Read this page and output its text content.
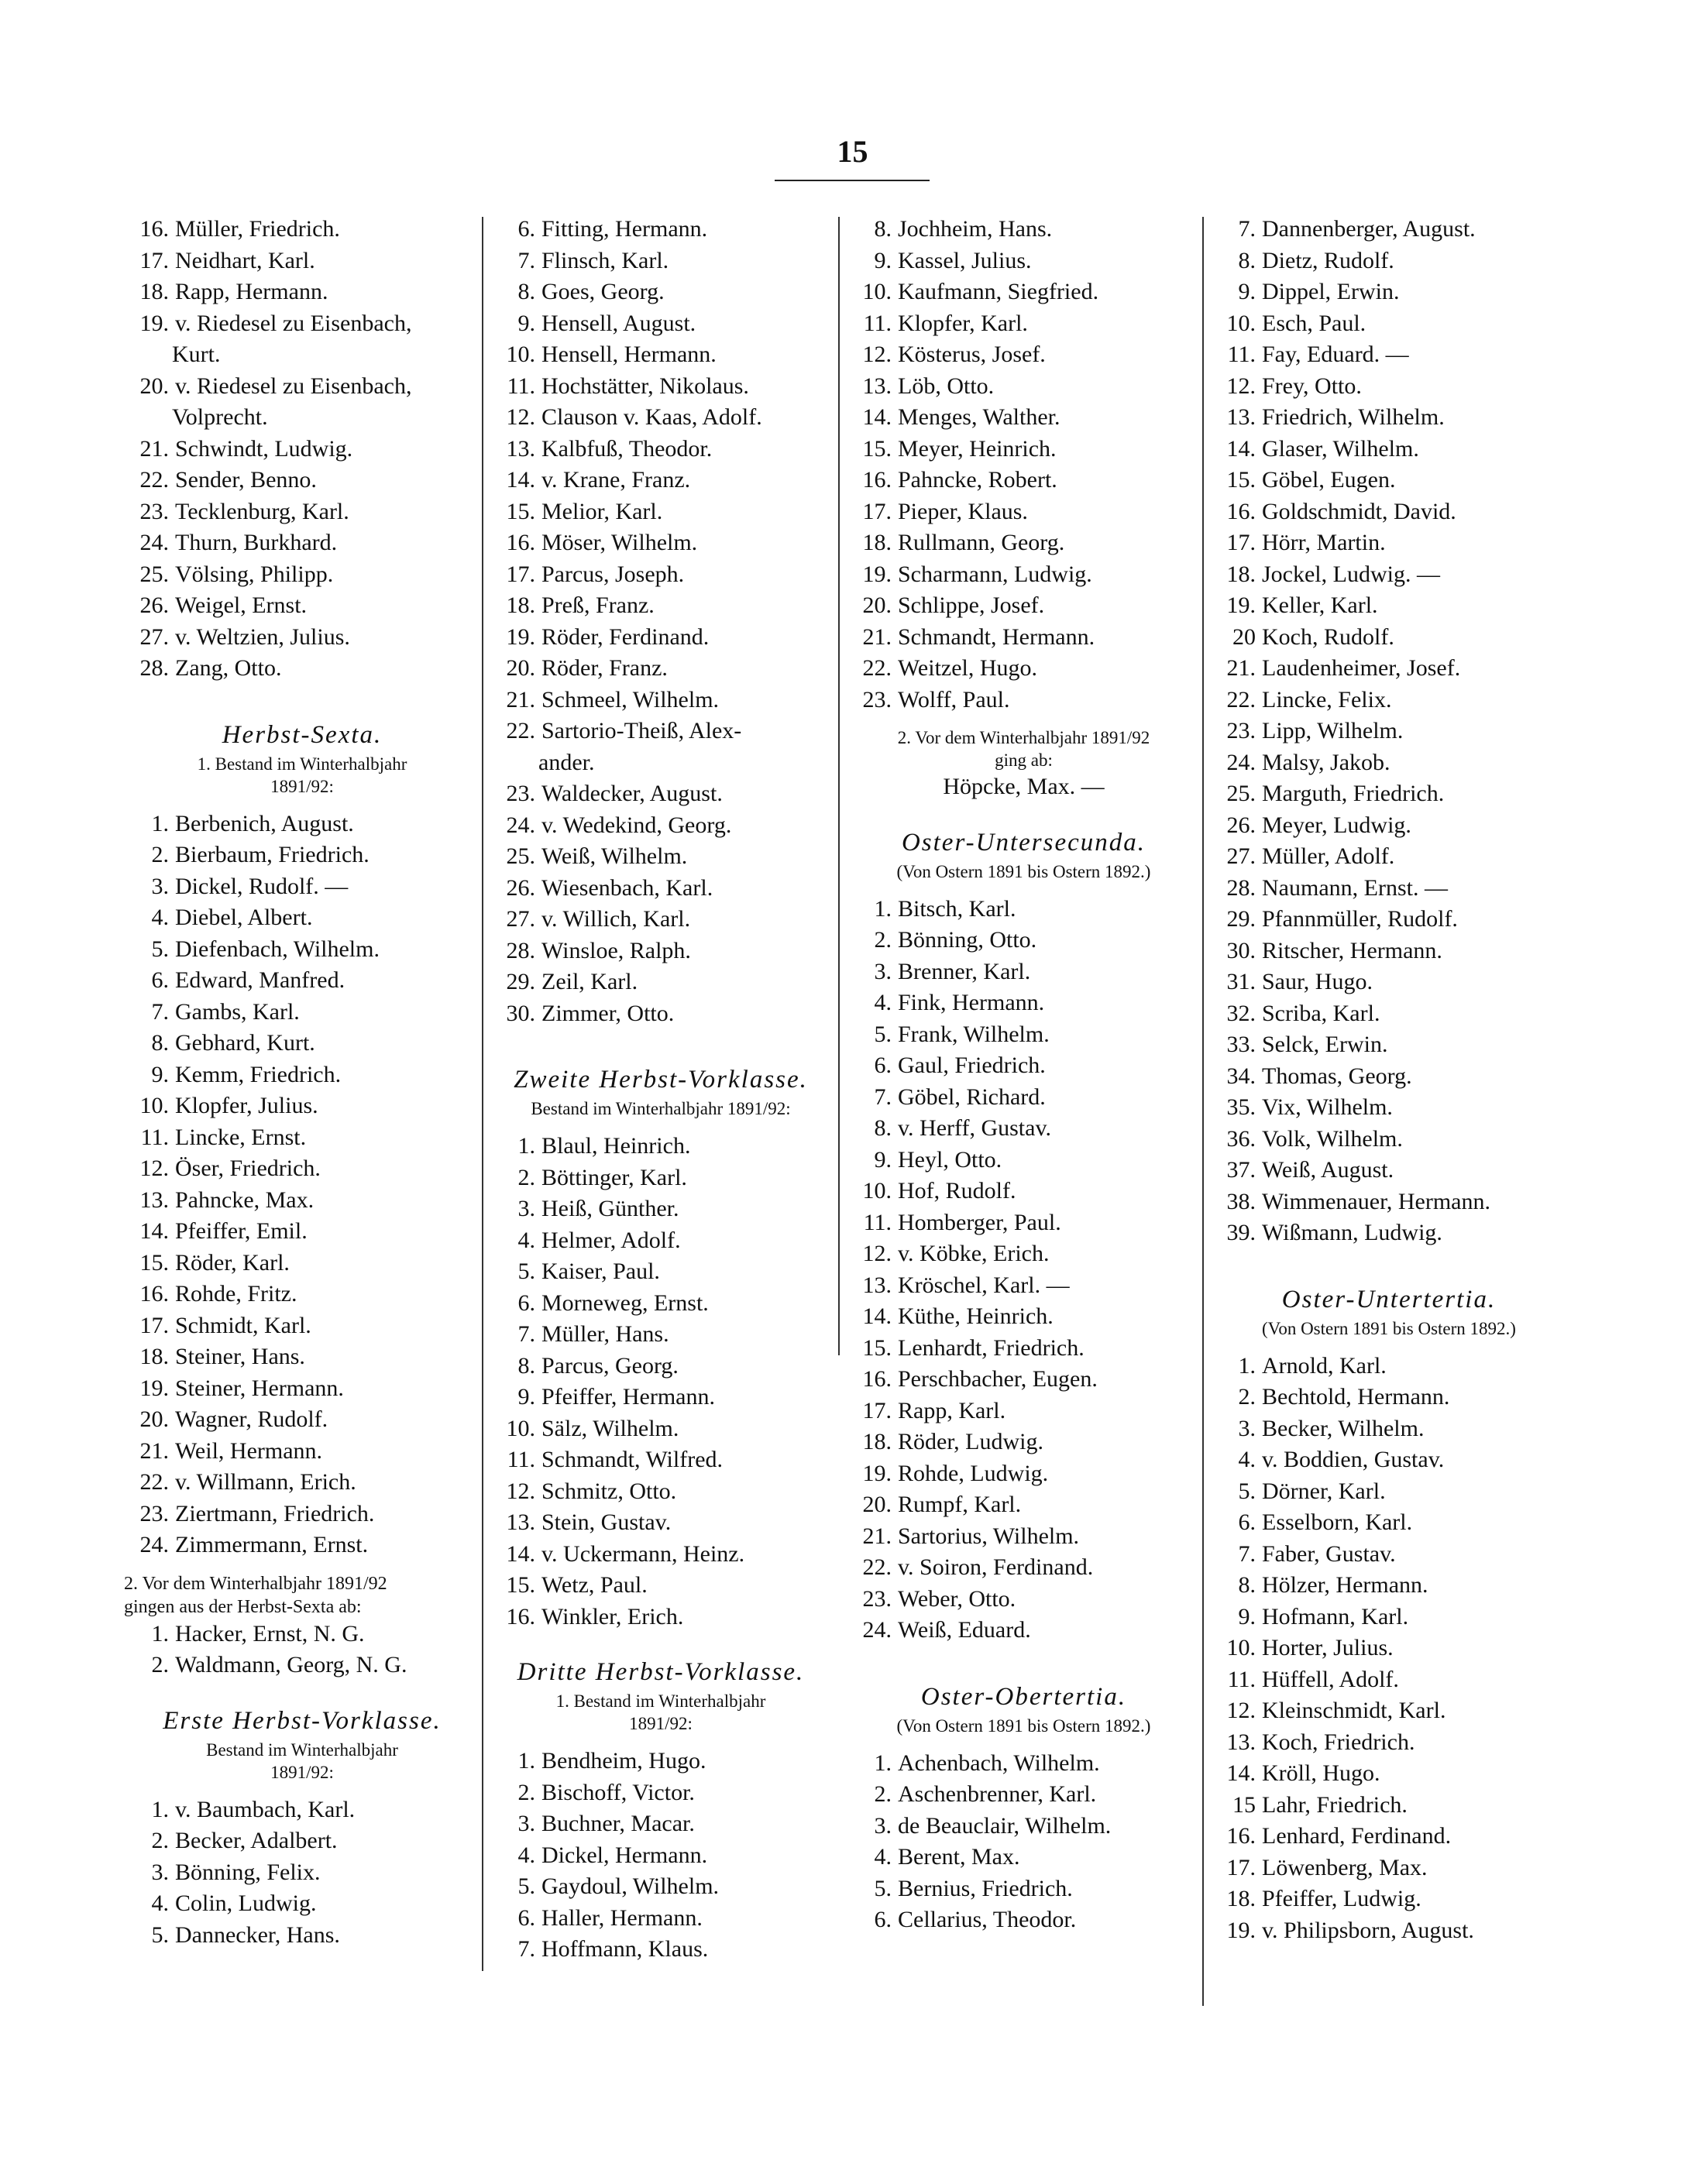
15
16. Müller, Friedrich.
17. Neidhart, Karl.
18. Rapp, Hermann.
19. v. Riedesel zu Eisenbach,
Kurt.
20. v. Riedesel zu Eisenbach,
Volprecht.
21. Schwindt, Ludwig.
22. Sender, Benno.
23. Tecklenburg, Karl.
24. Thurn, Burkhard.
25. Völsing, Philipp.
26. Weigel, Ernst.
27. v. Weltzien, Julius.
28. Zang, Otto.
Herbst-Sexta.
1. Bestand im Winterhalbjahr
1891/92:
1. Berbenich, August.
2. Bierbaum, Friedrich.
3. Dickel, Rudolf. —
4. Diebel, Albert.
5. Diefenbach, Wilhelm.
6. Edward, Manfred.
7. Gambs, Karl.
8. Gebhard, Kurt.
9. Kemm, Friedrich.
10. Klopfer, Julius.
11. Lincke, Ernst.
12. Öser, Friedrich.
13. Pahncke, Max.
14. Pfeiffer, Emil.
15. Röder, Karl.
16. Rohde, Fritz.
17. Schmidt, Karl.
18. Steiner, Hans.
19. Steiner, Hermann.
20. Wagner, Rudolf.
21. Weil, Hermann.
22. v. Willmann, Erich.
23. Ziertmann, Friedrich.
24. Zimmermann, Ernst.
2. Vor dem Winterhalbjahr 1891/92
gingen aus der Herbst-Sexta ab:
1. Hacker, Ernst, N. G.
2. Waldmann, Georg, N. G.
Erste Herbst-Vorklasse.
Bestand im Winterhalbjahr
1891/92:
1. v. Baumbach, Karl.
2. Becker, Adalbert.
3. Bönning, Felix.
4. Colin, Ludwig.
5. Dannecker, Hans.
6. Fitting, Hermann.
7. Flinsch, Karl.
8. Goes, Georg.
9. Hensell, August.
10. Hensell, Hermann.
11. Hochstätter, Nikolaus.
12. Clauson v. Kaas, Adolf.
13. Kalbfuß, Theodor.
14. v. Krane, Franz.
15. Melior, Karl.
16. Möser, Wilhelm.
17. Parcus, Joseph.
18. Preß, Franz.
19. Röder, Ferdinand.
20. Röder, Franz.
21. Schmeel, Wilhelm.
22. Sartorio-Theiß, Alex-
ander.
23. Waldecker, August.
24. v. Wedekind, Georg.
25. Weiß, Wilhelm.
26. Wiesenbach, Karl.
27. v. Willich, Karl.
28. Winsloe, Ralph.
29. Zeil, Karl.
30. Zimmer, Otto.
Zweite Herbst-Vorklasse.
Bestand im Winterhalbjahr 1891/92:
1. Blaul, Heinrich.
2. Böttinger, Karl.
3. Heiß, Günther.
4. Helmer, Adolf.
5. Kaiser, Paul.
6. Morneweg, Ernst.
7. Müller, Hans.
8. Parcus, Georg.
9. Pfeiffer, Hermann.
10. Sälz, Wilhelm.
11. Schmandt, Wilfred.
12. Schmitz, Otto.
13. Stein, Gustav.
14. v. Uckermann, Heinz.
15. Wetz, Paul.
16. Winkler, Erich.
Dritte Herbst-Vorklasse.
1. Bestand im Winterhalbjahr
1891/92:
1. Bendheim, Hugo.
2. Bischoff, Victor.
3. Buchner, Macar.
4. Dickel, Hermann.
5. Gaydoul, Wilhelm.
6. Haller, Hermann.
7. Hoffmann, Klaus.
8. Jochheim, Hans.
9. Kassel, Julius.
10. Kaufmann, Siegfried.
11. Klopfer, Karl.
12. Kösterus, Josef.
13. Löb, Otto.
14. Menges, Walther.
15. Meyer, Heinrich.
16. Pahncke, Robert.
17. Pieper, Klaus.
18. Rullmann, Georg.
19. Scharmann, Ludwig.
20. Schlippe, Josef.
21. Schmandt, Hermann.
22. Weitzel, Hugo.
23. Wolff, Paul.
2. Vor dem Winterhalbjahr 1891/92
ging ab:
Höpcke, Max. —
Oster-Untersecunda.
(Von Ostern 1891 bis Ostern 1892.)
1. Bitsch, Karl.
2. Bönning, Otto.
3. Brenner, Karl.
4. Fink, Hermann.
5. Frank, Wilhelm.
6. Gaul, Friedrich.
7. Göbel, Richard.
8. v. Herff, Gustav.
9. Heyl, Otto.
10. Hof, Rudolf.
11. Homberger, Paul.
12. v. Köbke, Erich.
13. Kröschel, Karl. —
14. Küthe, Heinrich.
15. Lenhardt, Friedrich.
16. Perschbacher, Eugen.
17. Rapp, Karl.
18. Röder, Ludwig.
19. Rohde, Ludwig.
20. Rumpf, Karl.
21. Sartorius, Wilhelm.
22. v. Soiron, Ferdinand.
23. Weber, Otto.
24. Weiß, Eduard.
Oster-Obertertia.
(Von Ostern 1891 bis Ostern 1892.)
1. Achenbach, Wilhelm.
2. Aschenbrenner, Karl.
3. de Beauclair, Wilhelm.
4. Berent, Max.
5. Bernius, Friedrich.
6. Cellarius, Theodor.
7. Dannenberger, August.
8. Dietz, Rudolf.
9. Dippel, Erwin.
10. Esch, Paul.
11. Fay, Eduard. —
12. Frey, Otto.
13. Friedrich, Wilhelm.
14. Glaser, Wilhelm.
15. Göbel, Eugen.
16. Goldschmidt, David.
17. Hörr, Martin.
18. Jockel, Ludwig. —
19. Keller, Karl.
20 Koch, Rudolf.
21. Laudenheimer, Josef.
22. Lincke, Felix.
23. Lipp, Wilhelm.
24. Malsy, Jakob.
25. Marguth, Friedrich.
26. Meyer, Ludwig.
27. Müller, Adolf.
28. Naumann, Ernst. —
29. Pfannmüller, Rudolf.
30. Ritscher, Hermann.
31. Saur, Hugo.
32. Scriba, Karl.
33. Selck, Erwin.
34. Thomas, Georg.
35. Vix, Wilhelm.
36. Volk, Wilhelm.
37. Weiß, August.
38. Wimmenauer, Hermann.
39. Wißmann, Ludwig.
Oster-Untertertia.
(Von Ostern 1891 bis Ostern 1892.)
1. Arnold, Karl.
2. Bechtold, Hermann.
3. Becker, Wilhelm.
4. v. Boddien, Gustav.
5. Dörner, Karl.
6. Esselborn, Karl.
7. Faber, Gustav.
8. Hölzer, Hermann.
9. Hofmann, Karl.
10. Horter, Julius.
11. Hüffell, Adolf.
12. Kleinschmidt, Karl.
13. Koch, Friedrich.
14. Kröll, Hugo.
15 Lahr, Friedrich.
16. Lenhard, Ferdinand.
17. Löwenberg, Max.
18. Pfeiffer, Ludwig.
19. v. Philipsborn, August.
